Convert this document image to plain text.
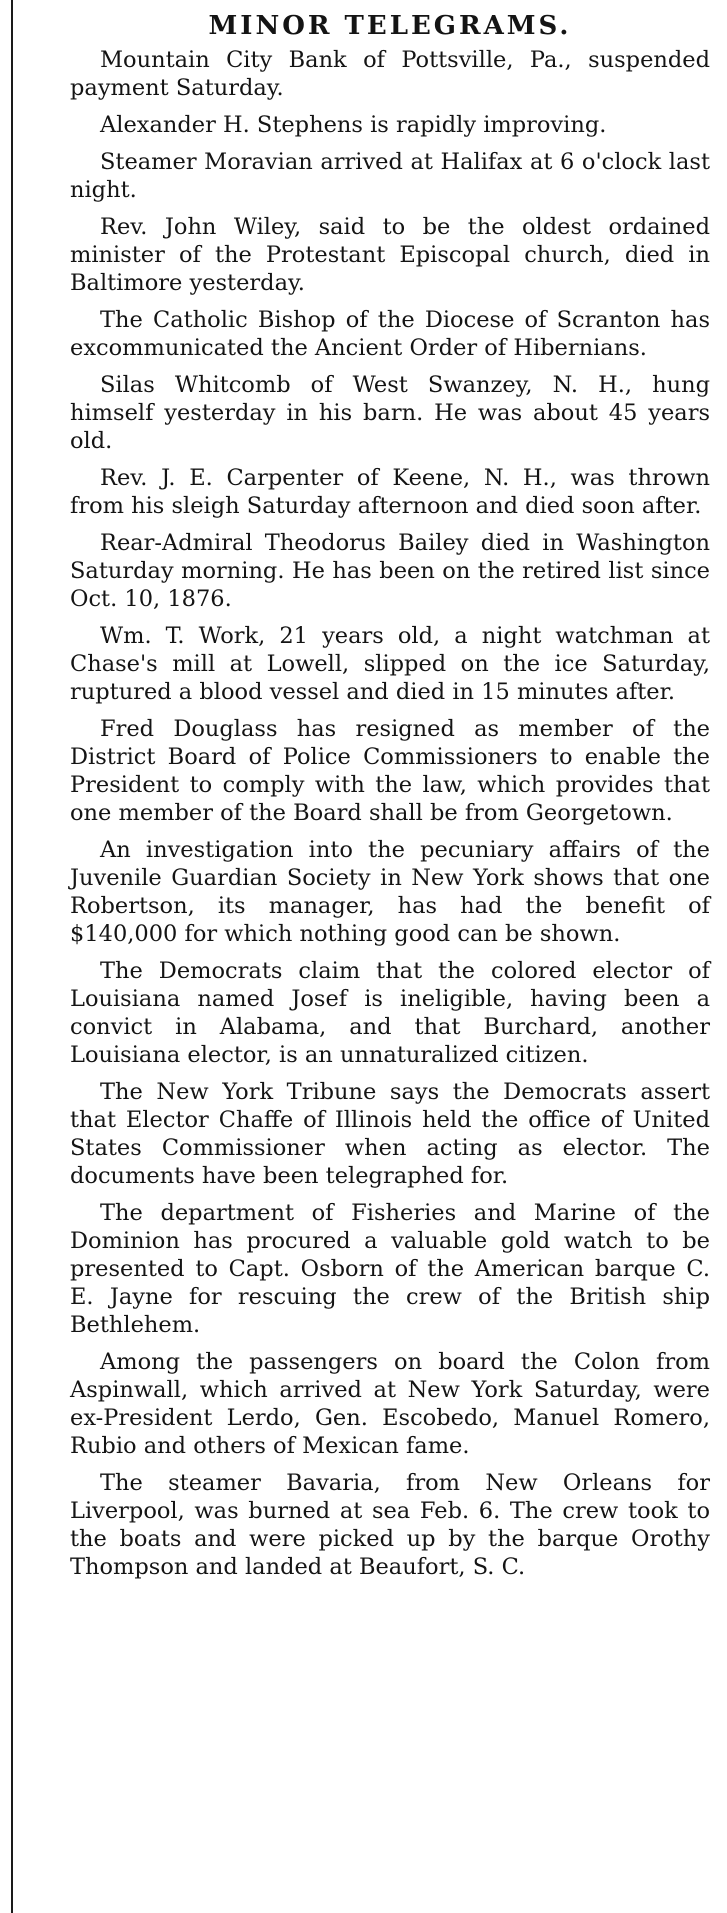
MINOR TELEGRAMS.

Mountain City Bank of Pottsville, Pa., suspended payment Saturday.

Alexander H. Stephens is rapidly improving.

Steamer Moravian arrived at Halifax at 6 o'clock last night.

Rev. John Wiley, said to be the oldest ordained minister of the Protestant Episcopal church, died in Baltimore yesterday.

The Catholic Bishop of the Diocese of Scranton has excommunicated the Ancient Order of Hibernians.

Silas Whitcomb of West Swanzey, N. H., hung himself yesterday in his barn. He was about 45 years old.

Rev. J. E. Carpenter of Keene, N. H., was thrown from his sleigh Saturday afternoon and died soon after.

Rear-Admiral Theodorus Bailey died in Washington Saturday morning. He has been on the retired list since Oct. 10, 1876.

Wm. T. Work, 21 years old, a night watchman at Chase's mill at Lowell, slipped on the ice Saturday, ruptured a blood vessel and died in 15 minutes after.

Fred Douglass has resigned as member of the District Board of Police Commissioners to enable the President to comply with the law, which provides that one member of the Board shall be from Georgetown.

An investigation into the pecuniary affairs of the Juvenile Guardian Society in New York shows that one Robertson, its manager, has had the benefit of $140,000 for which nothing good can be shown.

The Democrats claim that the colored elector of Louisiana named Josef is ineligible, having been a convict in Alabama, and that Burchard, another Louisiana elector, is an unnaturalized citizen.

The New York Tribune says the Democrats assert that Elector Chaffe of Illinois held the office of United States Commissioner when acting as elector. The documents have been telegraphed for.

The department of Fisheries and Marine of the Dominion has procured a valuable gold watch to be presented to Capt. Osborn of the American barque C. E. Jayne for rescuing the crew of the British ship Bethlehem.

Among the passengers on board the Colon from Aspinwall, which arrived at New York Saturday, were ex-President Lerdo, Gen. Escobedo, Manuel Romero, Rubio and others of Mexican fame.

The steamer Bavaria, from New Orleans for Liverpool, was burned at sea Feb. 6. The crew took to the boats and were picked up by the barque Orothy Thompson and landed at Beaufort, S. C.
